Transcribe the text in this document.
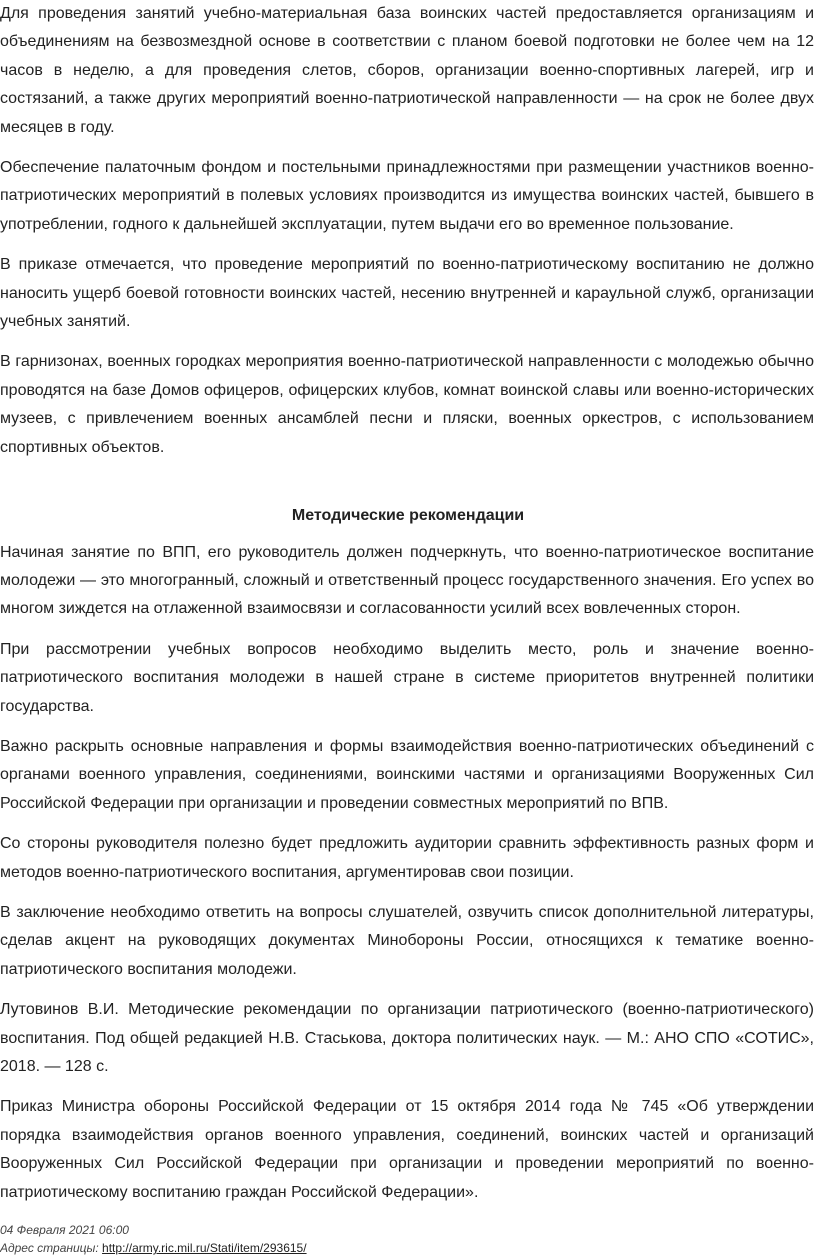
Для проведения занятий учебно-материальная база воинских частей предоставляется организациям и объединениям на безвозмездной основе в соответствии с планом боевой подготовки не более чем на 12 часов в неделю, а для проведения слетов, сборов, организации военно-спортивных лагерей, игр и состязаний, а также других мероприятий военно-патриотической направленности — на срок не более двух месяцев в году.

Обеспечение палаточным фондом и постельными принадлежностями при размещении участников военно-патриотических мероприятий в полевых условиях производится из имущества воинских частей, бывшего в употреблении, годного к дальнейшей эксплуатации, путем выдачи его во временное пользование.

В приказе отмечается, что проведение мероприятий по военно-патриотическому воспитанию не должно наносить ущерб боевой готовности воинских частей, несению внутренней и караульной служб, организации учебных занятий.

В гарнизонах, военных городках мероприятия военно-патриотической направленности с молодежью обычно проводятся на базе Домов офицеров, офицерских клубов, комнат воинской славы или военно-исторических музеев, с привлечением военных ансамблей песни и пляски, военных оркестров, с использованием спортивных объектов.

Методические рекомендации

Начиная занятие по ВПП, его руководитель должен подчеркнуть, что военно-патриотическое воспитание молодежи — это многогранный, сложный и ответственный процесс государственного значения. Его успех во многом зиждется на отлаженной взаимосвязи и согласованности усилий всех вовлеченных сторон.

При рассмотрении учебных вопросов необходимо выделить место, роль и значение военно-патриотического воспитания молодежи в нашей стране в системе приоритетов внутренней политики государства.

Важно раскрыть основные направления и формы взаимодействия военно-патриотических объединений с органами военного управления, соединениями, воинскими частями и организациями Вооруженных Сил Российской Федерации при организации и проведении совместных мероприятий по ВПВ.

Со стороны руководителя полезно будет предложить аудитории сравнить эффективность разных форм и методов военно-патриотического воспитания, аргументировав свои позиции.

В заключение необходимо ответить на вопросы слушателей, озвучить список дополнительной литературы, сделав акцент на руководящих документах Минобороны России, относящихся к тематике военно-патриотического воспитания молодежи.

Лутовинов В.И. Методические рекомендации по организации патриотического (военно-патриотического) воспитания. Под общей редакцией Н.В. Стаськова, доктора политических наук. — М.: АНО СПО «СОТИС», 2018. — 128 с.

Приказ Министра обороны Российской Федерации от 15 октября 2014 года № 745 «Об утверждении порядка взаимодействия органов военного управления, соединений, воинских частей и организаций Вооруженных Сил Российской Федерации при организации и проведении мероприятий по военно-патриотическому воспитанию граждан Российской Федерации».

04 Февраля 2021 06:00

Адрес страницы: http://army.ric.mil.ru/Stati/item/293615/
